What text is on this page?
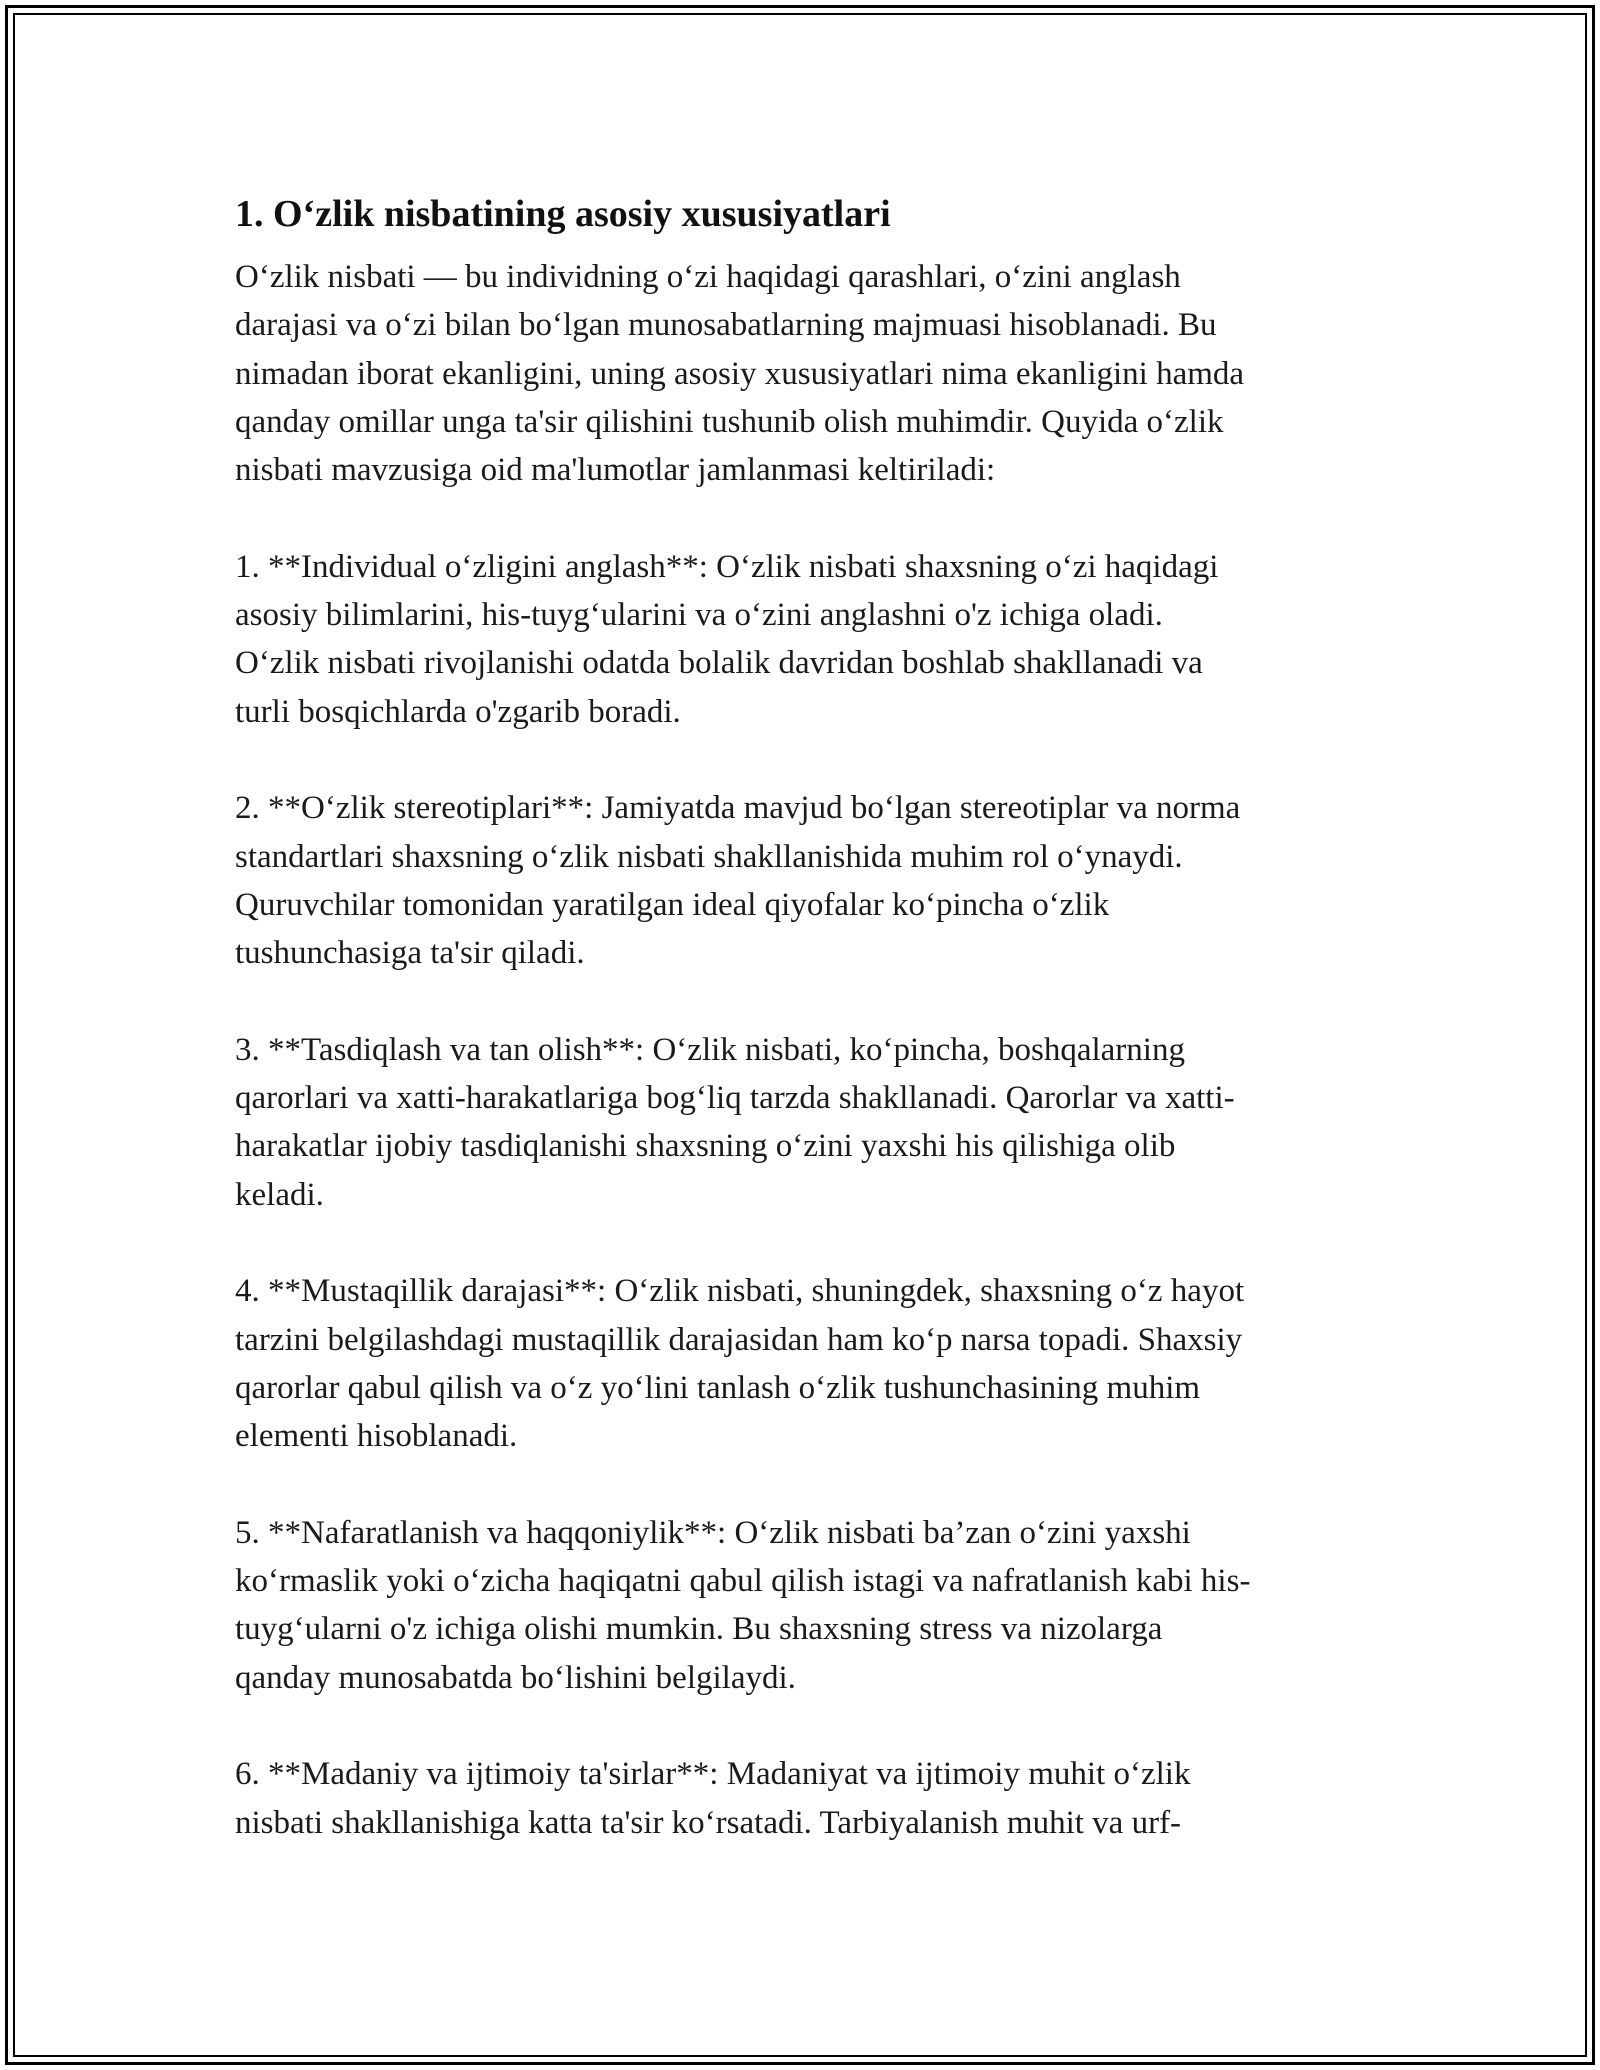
1. O‘zlik nisbatining asosiy xususiyatlari

O‘zlik nisbati — bu individning o‘zi haqidagi qarashlari, o‘zini anglash
darajasi va o‘zi bilan bo‘lgan munosabatlarning majmuasi hisoblanadi. Bu
nimadan iborat ekanligini, uning asosiy xususiyatlari nima ekanligini hamda
qanday omillar unga ta'sir qilishini tushunib olish muhimdir. Quyida o‘zlik
nisbati mavzusiga oid ma'lumotlar jamlanmasi keltiriladi:

1. **Individual o‘zligini anglash**: O‘zlik nisbati shaxsning o‘zi haqidagi
asosiy bilimlarini, his-tuyg‘ularini va o‘zini anglashni o'z ichiga oladi.
O‘zlik nisbati rivojlanishi odatda bolalik davridan boshlab shakllanadi va
turli bosqichlarda o'zgarib boradi.

2. **O‘zlik stereotiplari**: Jamiyatda mavjud bo‘lgan stereotiplar va norma
standartlari shaxsning o‘zlik nisbati shakllanishida muhim rol o‘ynaydi.
Quruvchilar tomonidan yaratilgan ideal qiyofalar ko‘pincha o‘zlik
tushunchasiga ta'sir qiladi.

3. **Tasdiqlash va tan olish**: O‘zlik nisbati, ko‘pincha, boshqalarning
qarorlari va xatti-harakatlariga bog‘liq tarzda shakllanadi. Qarorlar va xatti-
harakatlar ijobiy tasdiqlanishi shaxsning o‘zini yaxshi his qilishiga olib
keladi.

4. **Mustaqillik darajasi**: O‘zlik nisbati, shuningdek, shaxsning o‘z hayot
tarzini belgilashdagi mustaqillik darajasidan ham ko‘p narsa topadi. Shaxsiy
qarorlar qabul qilish va o‘z yo‘lini tanlash o‘zlik tushunchasining muhim
elementi hisoblanadi.

5. **Nafaratlanish va haqqoniylik**: O‘zlik nisbati ba’zan o‘zini yaxshi
ko‘rmaslik yoki o‘zicha haqiqatni qabul qilish istagi va nafratlanish kabi his-
tuyg‘ularni o'z ichiga olishi mumkin. Bu shaxsning stress va nizolarga
qanday munosabatda bo‘lishini belgilaydi.

6. **Madaniy va ijtimoiy ta'sirlar**: Madaniyat va ijtimoiy muhit o‘zlik
nisbati shakllanishiga katta ta'sir ko‘rsatadi. Tarbiyalanish muhit va urf-
